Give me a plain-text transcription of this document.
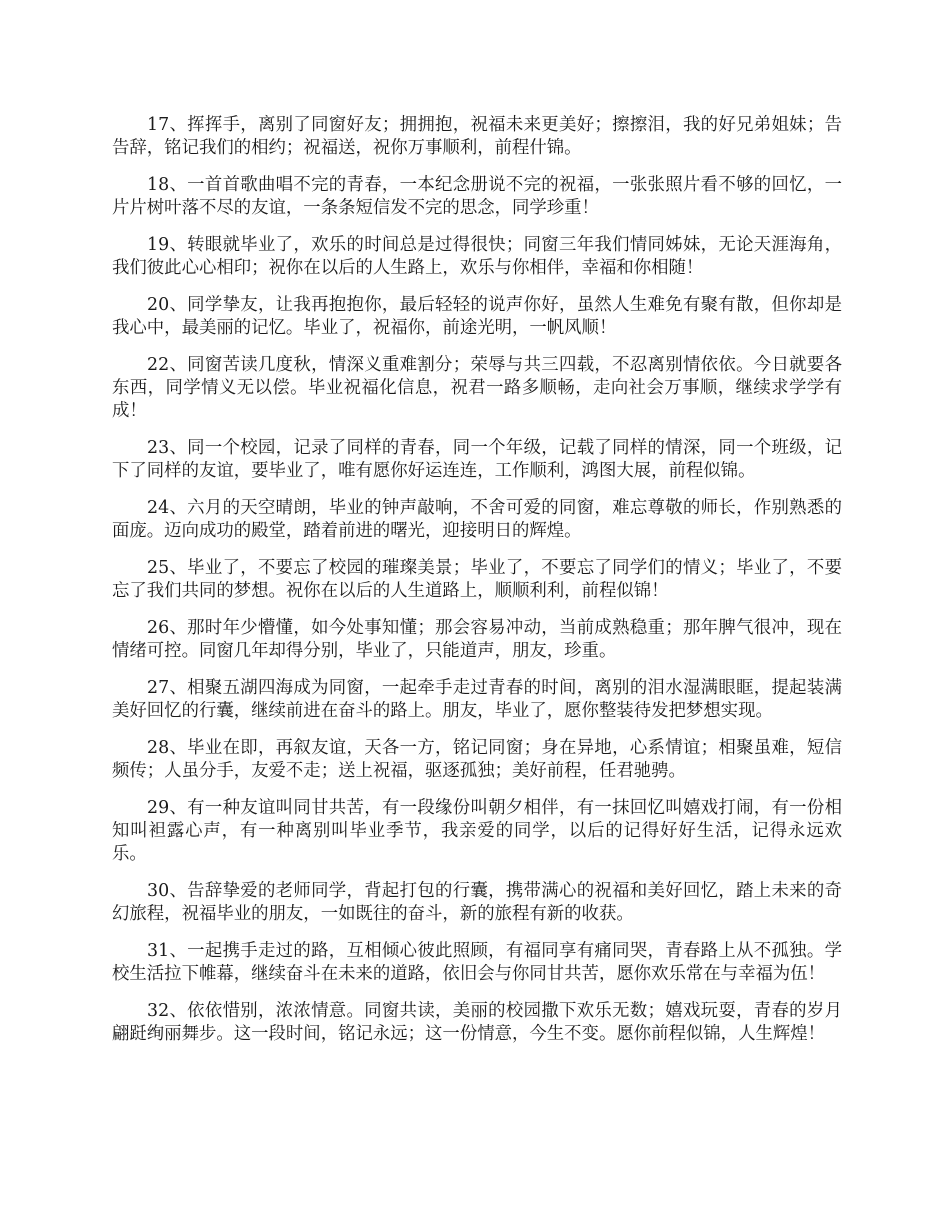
17、挥挥手，离别了同窗好友；拥拥抱，祝福未来更美好；擦擦泪，我的好兄弟姐妹；告告辞，铭记我们的相约；祝福送，祝你万事顺利，前程什锦。

18、一首首歌曲唱不完的青春，一本纪念册说不完的祝福，一张张照片看不够的回忆，一片片树叶落不尽的友谊，一条条短信发不完的思念，同学珍重！

19、转眼就毕业了，欢乐的时间总是过得很快；同窗三年我们情同姊妹，无论天涯海角，我们彼此心心相印；祝你在以后的人生路上，欢乐与你相伴，幸福和你相随！

20、同学挚友，让我再抱抱你，最后轻轻的说声你好，虽然人生难免有聚有散，但你却是我心中，最美丽的记忆。毕业了，祝福你，前途光明，一帆风顺！

22、同窗苦读几度秋，情深义重难割分；荣辱与共三四载，不忍离别情依依。今日就要各东西，同学情义无以偿。毕业祝福化信息，祝君一路多顺畅，走向社会万事顺，继续求学学有成！

23、同一个校园，记录了同样的青春，同一个年级，记载了同样的情深，同一个班级，记下了同样的友谊，要毕业了，唯有愿你好运连连，工作顺利，鸿图大展，前程似锦。

24、六月的天空晴朗，毕业的钟声敲响，不舍可爱的同窗，难忘尊敬的师长，作别熟悉的面庞。迈向成功的殿堂，踏着前进的曙光，迎接明日的辉煌。

25、毕业了，不要忘了校园的璀璨美景；毕业了，不要忘了同学们的情义；毕业了，不要忘了我们共同的梦想。祝你在以后的人生道路上，顺顺利利，前程似锦！

26、那时年少懵懂，如今处事知懂；那会容易冲动，当前成熟稳重；那年脾气很冲，现在情绪可控。同窗几年却得分别，毕业了，只能道声，朋友，珍重。

27、相聚五湖四海成为同窗，一起牵手走过青春的时间，离别的泪水湿满眼眶，提起装满美好回忆的行囊，继续前进在奋斗的路上。朋友，毕业了，愿你整装待发把梦想实现。

28、毕业在即，再叙友谊，天各一方，铭记同窗；身在异地，心系情谊；相聚虽难，短信频传；人虽分手，友爱不走；送上祝福，驱逐孤独；美好前程，任君驰骋。

29、有一种友谊叫同甘共苦，有一段缘份叫朝夕相伴，有一抹回忆叫嬉戏打闹，有一份相知叫袒露心声，有一种离别叫毕业季节，我亲爱的同学，以后的记得好好生活，记得永远欢乐。

30、告辞挚爱的老师同学，背起打包的行囊，携带满心的祝福和美好回忆，踏上未来的奇幻旅程，祝福毕业的朋友，一如既往的奋斗，新的旅程有新的收获。

31、一起携手走过的路，互相倾心彼此照顾，有福同享有痛同哭，青春路上从不孤独。学校生活拉下帷幕，继续奋斗在未来的道路，依旧会与你同甘共苦，愿你欢乐常在与幸福为伍！

32、依依惜别，浓浓情意。同窗共读，美丽的校园撒下欢乐无数；嬉戏玩耍，青春的岁月翩跹绚丽舞步。这一段时间，铭记永远；这一份情意，今生不变。愿你前程似锦，人生辉煌！
